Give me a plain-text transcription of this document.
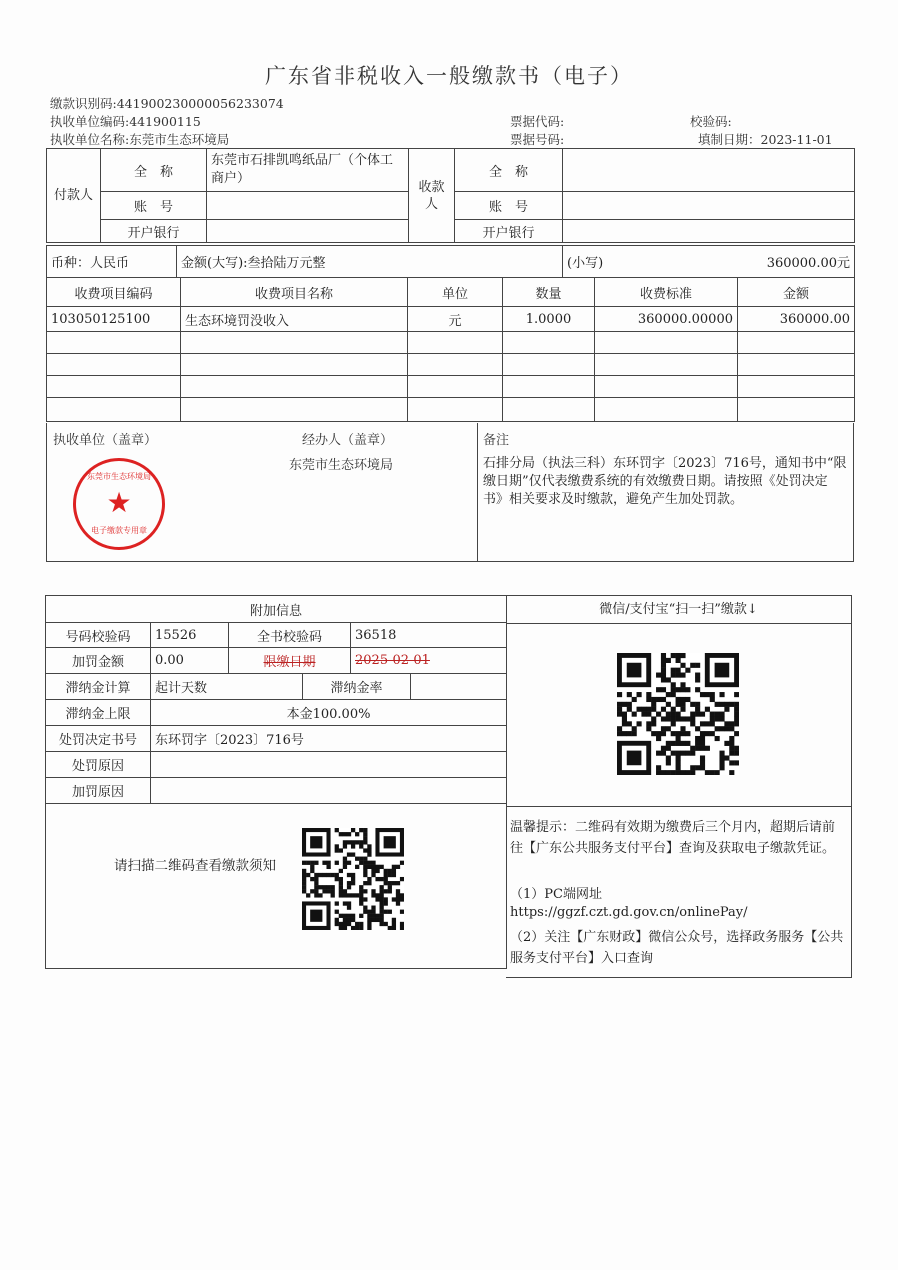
广东省非税收入一般缴款书（电子）
缴款识别码:441900230000056233074
执收单位编码:441900115
执收单位名称:东莞市生态环境局
票据代码:
票据号码:
校验码:
填制日期：2023-11-01
付款人	全　称	东莞市石排凯鸣纸品厂（个体工商户）	收款人	全　称	
	账　号			账　号	
	开户银行			开户银行	
币种：人民币	金额(大写):叁拾陆万元整	(小写)	360000.00元
收费项目编码	收费项目名称	单位	数量	收费标准	金额
103050125100	生态环境罚没收入	元	1.0000	360000.00000	360000.00

执收单位（盖章）	经办人（盖章）
东莞市生态环境局
东莞市生态环境局
★
电子缴款专用章
备注
石排分局（执法三科）东环罚字〔2023〕716号，通知书中“限缴日期”仅代表缴费系统的有效缴费日期。请按照《处罚决定书》相关要求及时缴款，避免产生加处罚款。
附加信息					
号码校验码	15526	全书校验码		36518	
加罚金额	0.00	限缴日期		2025-02-01	
滞纳金计算	起计天数		滞纳金率		
滞纳金上限	本金100.00%				
处罚决定书号	东环罚字〔2023〕716号				
处罚原因					
加罚原因					

请扫描二维码查看缴款须知					
微信/支付宝“扫一扫”缴款↓
温馨提示：二维码有效期为缴费后三个月内，超期后请前往【广东公共服务支付平台】查询及获取电子缴款凭证。
（1）PC端网址
https://ggzf.czt.gd.gov.cn/onlinePay/
（2）关注【广东财政】微信公众号，选择政务服务【公共服务支付平台】入口查询
